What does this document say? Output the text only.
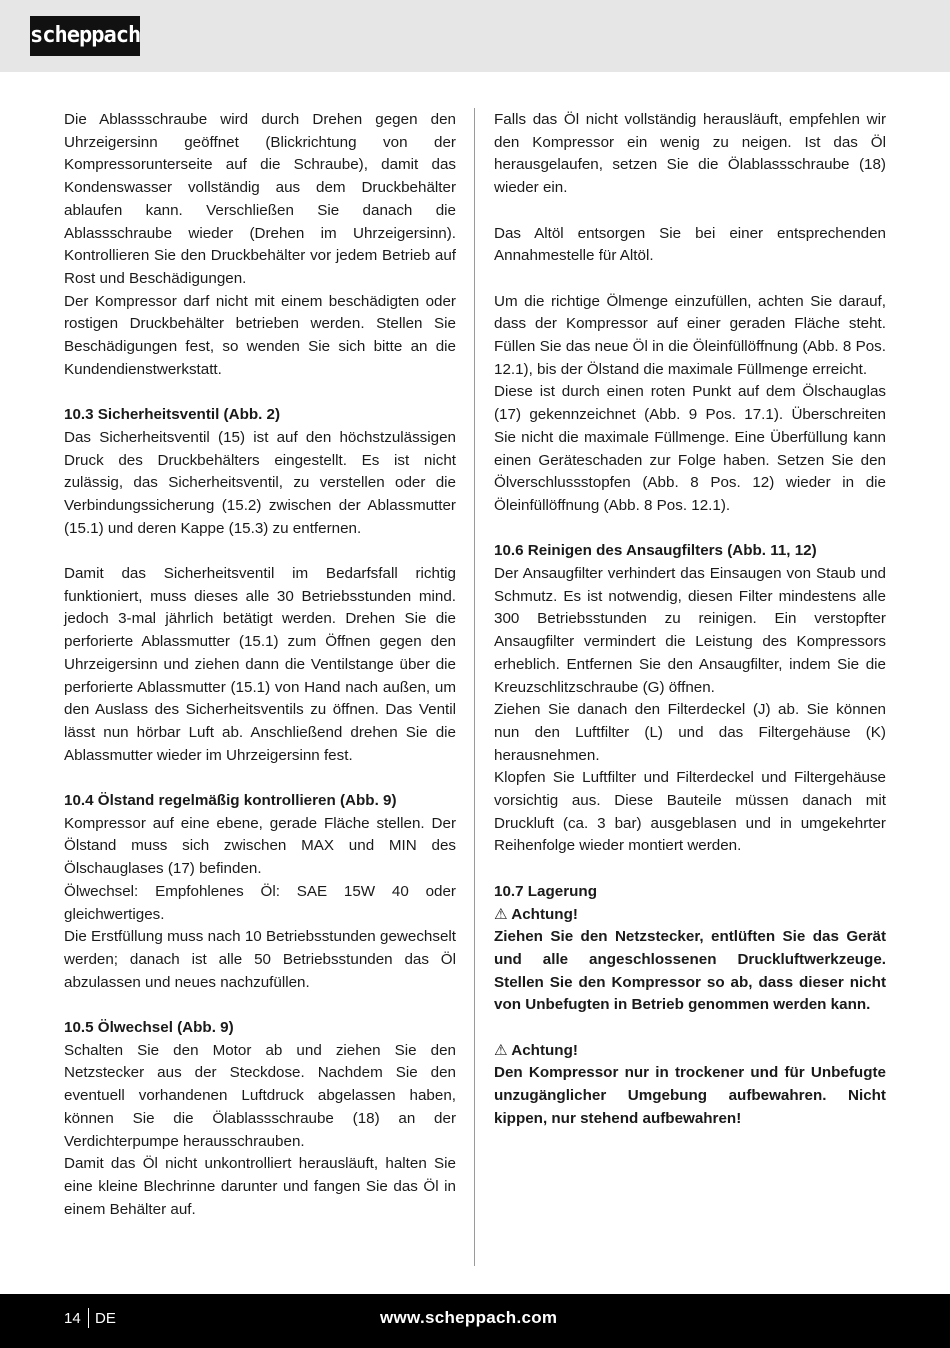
scheppach

Die Ablassschraube wird durch Drehen gegen den Uhrzeigersinn geöffnet (Blickrichtung von der Kompressorunterseite auf die Schraube), damit das Kondenswasser vollständig aus dem Druckbehälter ablaufen kann. Verschließen Sie danach die Ablassschraube wieder (Drehen im Uhrzeigersinn). Kontrollieren Sie den Druckbehälter vor jedem Betrieb auf Rost und Beschädigungen.

Der Kompressor darf nicht mit einem beschädigten oder rostigen Druckbehälter betrieben werden. Stellen Sie Beschädigungen fest, so wenden Sie sich bitte an die Kundendienstwerkstatt.

10.3 Sicherheitsventil (Abb. 2)

Das Sicherheitsventil (15) ist auf den höchstzulässigen Druck des Druckbehälters eingestellt. Es ist nicht zulässig, das Sicherheitsventil, zu verstellen oder die Verbindungssicherung (15.2) zwischen der Ablassmutter (15.1) und deren Kappe (15.3) zu entfernen.

Damit das Sicherheitsventil im Bedarfsfall richtig funktioniert, muss dieses alle 30 Betriebsstunden mind. jedoch 3-mal jährlich betätigt werden. Drehen Sie die perforierte Ablassmutter (15.1) zum Öffnen gegen den Uhrzeigersinn und ziehen dann die Ventilstange über die perforierte Ablassmutter (15.1) von Hand nach außen, um den Auslass des Sicherheitsventils zu öffnen. Das Ventil lässt nun hörbar Luft ab. Anschließend drehen Sie die Ablassmutter wieder im Uhrzeigersinn fest.

10.4 Ölstand regelmäßig kontrollieren (Abb. 9)

Kompressor auf eine ebene, gerade Fläche stellen. Der Ölstand muss sich zwischen MAX und MIN des Ölschauglases (17) befinden.

Ölwechsel: Empfohlenes Öl: SAE 15W 40 oder gleichwertiges.

Die Erstfüllung muss nach 10 Betriebsstunden gewechselt werden; danach ist alle 50 Betriebsstunden das Öl abzulassen und neues nachzufüllen.

10.5 Ölwechsel (Abb. 9)

Schalten Sie den Motor ab und ziehen Sie den Netzstecker aus der Steckdose. Nachdem Sie den eventuell vorhandenen Luftdruck abgelassen haben, können Sie die Ölablassschraube (18) an der Verdichterpumpe herausschrauben.

Damit das Öl nicht unkontrolliert herausläuft, halten Sie eine kleine Blechrinne darunter und fangen Sie das Öl in einem Behälter auf.

Falls das Öl nicht vollständig herausläuft, empfehlen wir den Kompressor ein wenig zu neigen. Ist das Öl herausgelaufen, setzen Sie die Ölablassschraube (18) wieder ein.

Das Altöl entsorgen Sie bei einer entsprechenden Annahmestelle für Altöl.

Um die richtige Ölmenge einzufüllen, achten Sie darauf, dass der Kompressor auf einer geraden Fläche steht. Füllen Sie das neue Öl in die Öleinfüllöffnung (Abb. 8 Pos. 12.1), bis der Ölstand die maximale Füllmenge erreicht.

Diese ist durch einen roten Punkt auf dem Ölschauglas (17) gekennzeichnet (Abb. 9 Pos. 17.1). Überschreiten Sie nicht die maximale Füllmenge. Eine Überfüllung kann einen Geräteschaden zur Folge haben. Setzen Sie den Ölverschlussstopfen (Abb. 8 Pos. 12) wieder in die Öleinfüllöffnung (Abb. 8 Pos. 12.1).

10.6 Reinigen des Ansaugfilters (Abb. 11, 12)

Der Ansaugfilter verhindert das Einsaugen von Staub und Schmutz. Es ist notwendig, diesen Filter mindestens alle 300 Betriebsstunden zu reinigen. Ein verstopfter Ansaugfilter vermindert die Leistung des Kompressors erheblich. Entfernen Sie den Ansaugfilter, indem Sie die Kreuzschlitzschraube (G) öffnen.

Ziehen Sie danach den Filterdeckel (J) ab. Sie können nun den Luftfilter (L) und das Filtergehäuse (K) herausnehmen.

Klopfen Sie Luftfilter und Filterdeckel und Filtergehäuse vorsichtig aus. Diese Bauteile müssen danach mit Druckluft (ca. 3 bar) ausgeblasen und in umgekehrter Reihenfolge wieder montiert werden.

10.7 Lagerung

⚠ Achtung!

Ziehen Sie den Netzstecker, entlüften Sie das Gerät und alle angeschlossenen Druckluftwerkzeuge. Stellen Sie den Kompressor so ab, dass dieser nicht von Unbefugten in Betrieb genommen werden kann.

⚠ Achtung!

Den Kompressor nur in trockener und für Unbefugte unzugänglicher Umgebung aufbewahren. Nicht kippen, nur stehend aufbewahren!

14 DE	www.scheppach.com
